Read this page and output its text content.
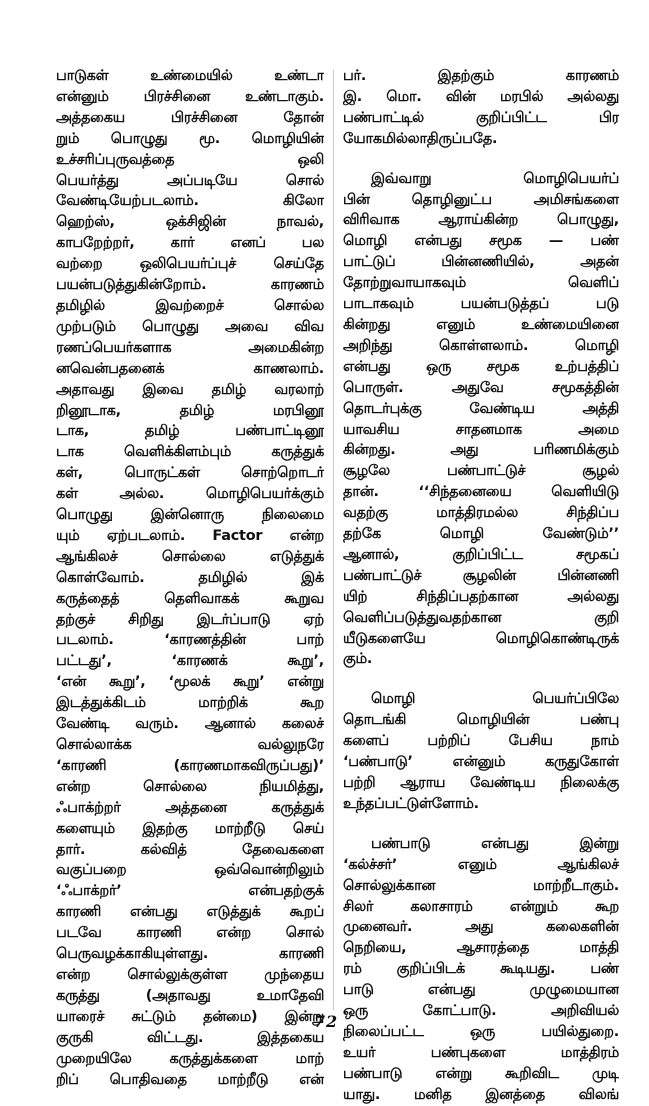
பாடுகள் உண்மையில் உண்டா
என்னும் பிரச்சினை உண்டாகும்.
அத்தகைய பிரச்சினை தோன்
றும் பொழுது மூ. மொழியின்
உச்சரிப்புருவத்தை ஒலி
பெயர்த்து அப்படியே சொல்
வேண்டியேற்படலாம். கிலோ
ஹெற்ஸ், ஒக்சிஜின் நாவல்,
காபறேற்றர், கார் எனப் பல
வற்றை ஒலிபெயர்ப்புச் செய்தே
பயன்படுத்துகின்றோம். காரணம்
தமிழில் இவற்றைச் சொல்ல
முற்படும் பொழுது அவை விவ
ரணப்பெயர்களாக அமைகின்ற
னவென்பதனைக் காணலாம்.
அதாவது இவை தமிழ் வரலாற்
றினூடாக, தமிழ் மரபினூ
டாக, தமிழ் பண்பாட்டினூ
டாக வெளிக்கிளம்பும் கருத்துக்
கள், பொருட்கள் சொற்றொடர்
கள் அல்ல. மொழிபெயர்க்கும்
பொழுது இன்னொரு நிலைமை
யும் ஏற்படலாம். Factor என்ற
ஆங்கிலச் சொல்லை எடுத்துக்
கொள்வோம். தமிழில் இக்
கருத்தைத் தெளிவாகக் கூறுவ
தற்குச் சிறிது இடர்ப்பாடு ஏற்
படலாம். ‘காரணத்தின் பாற்
பட்டது’, ‘காரணக் கூறு’,
‘என் கூறு’, ‘மூலக் கூறு’ என்று
இடத்துக்கிடம் மாற்றிக் கூற
வேண்டி வரும். ஆனால் கலைச்
சொல்லாக்க வல்லுநரே
‘காரணி (காரணமாகவிருப்பது)’
என்ற சொல்லை நியமித்து,
ஃபாக்ற்றர் அத்தனை கருத்துக்
களையும் இதற்கு மாற்றீடு செய்
தார். கல்வித் தேவைகளை
வகுப்பறை ஒவ்வொன்றிலும்
‘ஃபாக்றர்’ என்பதற்குக்
காரணி என்பது எடுத்துக் கூறப்
படவே காரணி என்ற சொல்
பெருவழக்காகியுள்ளது. காரணி
என்ற சொல்லுக்குள்ள முந்தைய
கருத்து (அதாவது உமாதேவி
யாரைச் சுட்டும் தன்மை) இன்று
குருகி விட்டது. இத்தகைய
முறையிலே கருத்துக்களை மாற்
றிப் பொதிவதை மாற்றீடு என்

பர். இதற்கும் காரணம்
இ. மொ. வின் மரபில் அல்லது
பண்பாட்டில் குறிப்பிட்ட பிர
யோகமில்லாதிருப்பதே.

இவ்வாறு மொழிபெயர்ப்
பின் தொழினுட்ப அமிசங்களை
விரிவாக ஆராய்கின்ற பொழுது,
மொழி என்பது சமூக — பண்
பாட்டுப் பின்னணியில், அதன்
தோற்றுவாயாகவும் வெளிப்
பாடாகவும் பயன்படுத்தப் படு
கின்றது எனும் உண்மையினை
அறிந்து கொள்ளலாம். மொழி
என்பது ஒரு சமூக உற்பத்திப்
பொருள். அதுவே சமூகத்தின்
தொடர்புக்கு வேண்டிய அத்தி
யாவசிய சாதனமாக அமை
கின்றது. அது பரிணமிக்கும்
சூழலே பண்பாட்டுச் சூழல்
தான். ‘‘சிந்தனையை வெளியிடு
வதற்கு மாத்திரமல்ல சிந்திப்ப
தற்கே மொழி வேண்டும்’’
ஆனால், குறிப்பிட்ட சமூகப்
பண்பாட்டுச் சூழலின் பின்னணி
யிற் சிந்திப்பதற்கான அல்லது
வெளிப்படுத்துவதற்கான குறி
யீடுகளையே மொழிகொண்டிருக்
கும்.

மொழி பெயர்ப்பிலே
தொடங்கி மொழியின் பண்பு
களைப் பற்றிப் பேசிய நாம்
‘பண்பாடு’ என்னும் கருதுகோள்
பற்றி ஆராய வேண்டிய நிலைக்கு
உந்தப்பட்டுள்ளோம்.

பண்பாடு என்பது இன்று
‘கல்ச்சர்’ எனும் ஆங்கிலச்
சொல்லுக்கான மாற்றீடாகும்.
சிலர் கலாசாரம் என்றும் கூற
முனைவர். அது கலைகளின்
நெறியை, ஆசாரத்தை மாத்தி
ரம் குறிப்பிடக் கூடியது. பண்
பாடு என்பது முழுமையான
ஒரு கோட்பாடு. அறிவியல்
நிலைப்பட்ட ஒரு பயில்துறை.
உயர் பண்புகளை மாத்திரம்
பண்பாடு என்று கூறிவிட முடி
யாது. மனித இனத்தை விலங்

72
